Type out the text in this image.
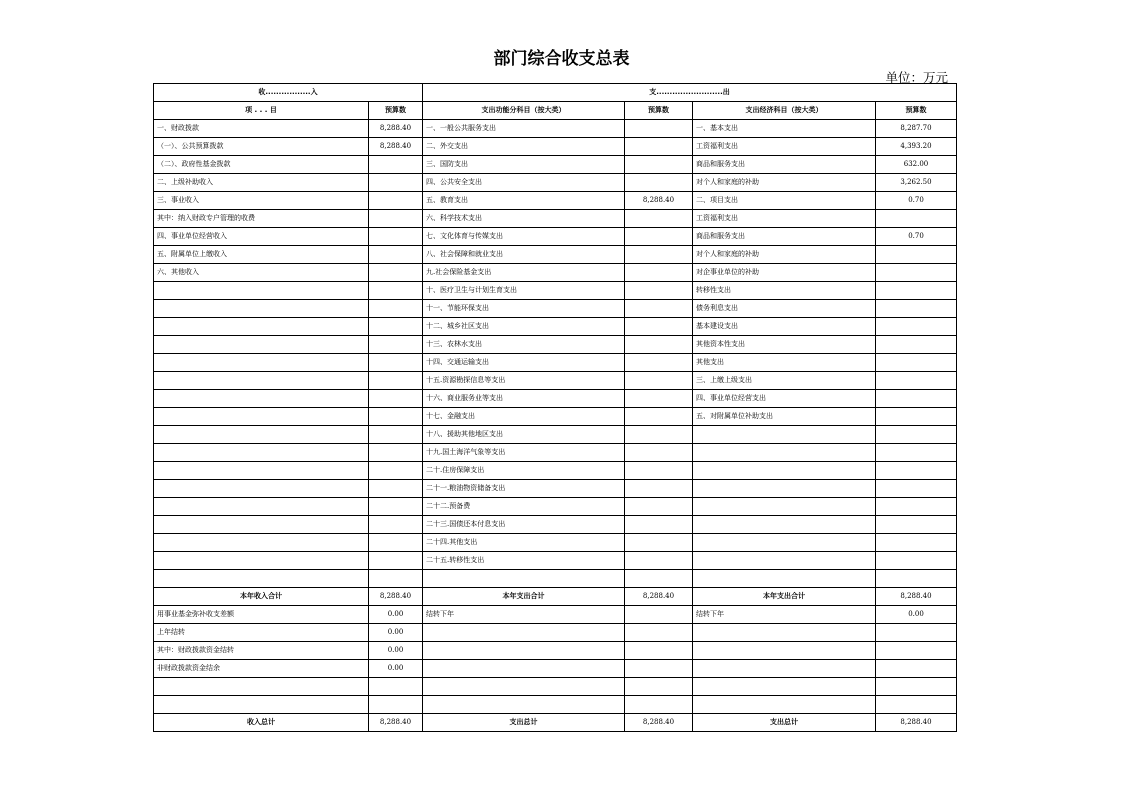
部门综合收支总表
单位：万元
收.................入		支.........................出			
项 . . . 目	预算数	支出功能分科目（按大类）	预算数	支出经济科目（按大类）	预算数
一、财政拨款	8,288.40	一、一般公共服务支出		一、基本支出	8,287.70
（一）、公共预算拨款	8,288.40	二、外交支出		工资福利支出	4,393.20
（二）、政府性基金拨款		三、国防支出		商品和服务支出	632.00
二、上级补助收入		四、公共安全支出		对个人和家庭的补助	3,262.50
三、事业收入		五、教育支出	8,288.40	二、项目支出	0.70
其中：纳入财政专户管理的收费		六、科学技术支出		工资福利支出	
四、事业单位经营收入		七、文化体育与传媒支出		商品和服务支出	0.70
五、附属单位上缴收入		八、社会保障和就业支出		对个人和家庭的补助	
六、其他收入		九.社会保险基金支出		对企事业单位的补助	
		十、医疗卫生与计划生育支出		转移性支出	
		十一、节能环保支出		债务利息支出	
		十二、城乡社区支出		基本建设支出	
		十三、农林水支出		其他资本性支出	
		十四、交通运输支出		其他支出	
		十五.资源勘探信息等支出		三、上缴上级支出	
		十六、商业服务业等支出		四、事业单位经营支出	
		十七、金融支出		五、对附属单位补助支出	
		十八、援助其他地区支出			
		十九.国土海洋气象等支出			
		二十.住房保障支出			
		二十一.粮油物资储备支出			
		二十二.预备费			
		二十三.国债还本付息支出			
		二十四.其他支出			
		二十五.转移性支出			

本年收入合计	8,288.40	本年支出合计	8,288.40	本年支出合计	8,288.40
用事业基金弥补收支差额	0.00	结转下年		结转下年	0.00
上年结转	0.00				
其中：财政拨款资金结转	0.00				
非财政拨款资金结余	0.00				

收入总计	8,288.40	支出总计	8,288.40	支出总计	8,288.40
